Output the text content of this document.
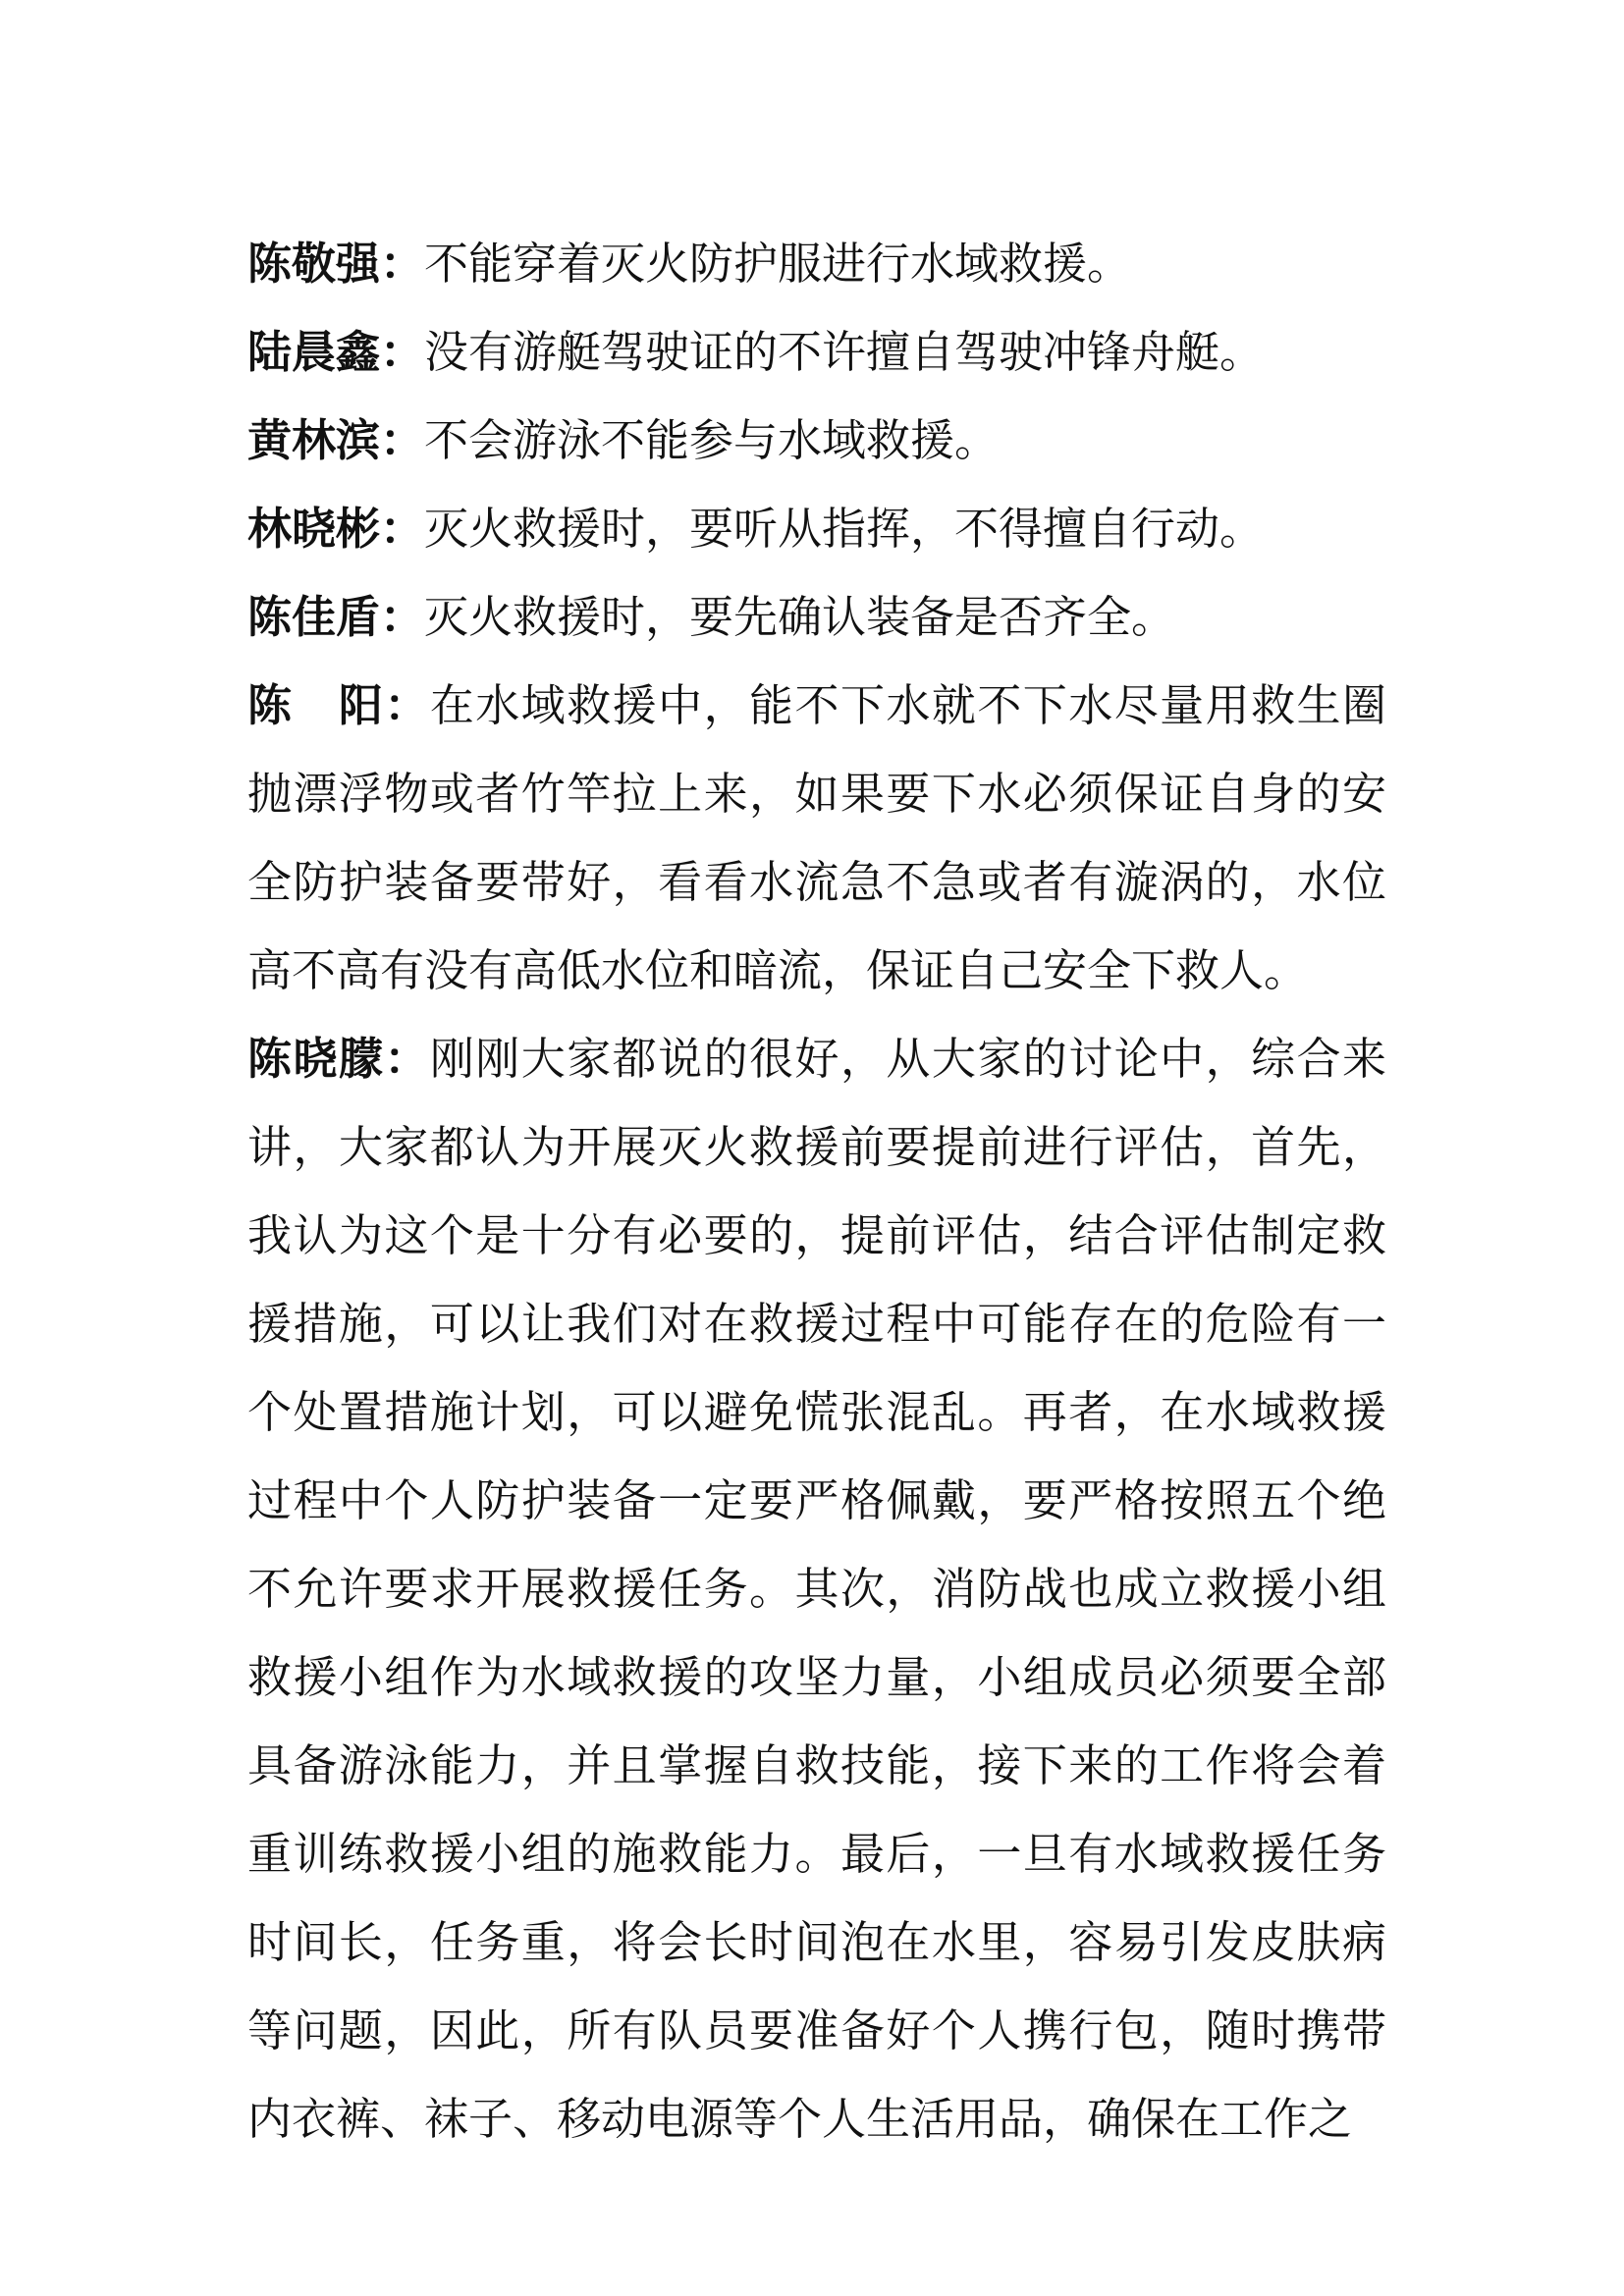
陈敬强：不能穿着灭火防护服进行水域救援。

陆晨鑫：没有游艇驾驶证的不许擅自驾驶冲锋舟艇。

黄林滨：不会游泳不能参与水域救援。

林晓彬：灭火救援时，要听从指挥，不得擅自行动。

陈佳盾：灭火救援时，要先确认装备是否齐全。

陈　阳：在水域救援中，能不下水就不下水尽量用救生圈抛漂浮物或者竹竿拉上来，如果要下水必须保证自身的安全防护装备要带好，看看水流急不急或者有漩涡的，水位高不高有没有高低水位和暗流，保证自己安全下救人。

陈晓朦：刚刚大家都说的很好，从大家的讨论中，综合来讲，大家都认为开展灭火救援前要提前进行评估，首先，我认为这个是十分有必要的，提前评估，结合评估制定救援措施，可以让我们对在救援过程中可能存在的危险有一个处置措施计划，可以避免慌张混乱。再者，在水域救援过程中个人防护装备一定要严格佩戴，要严格按照五个绝不允许要求开展救援任务。其次，消防战也成立救援小组救援小组作为水域救援的攻坚力量，小组成员必须要全部具备游泳能力，并且掌握自救技能，接下来的工作将会着重训练救援小组的施救能力。最后，一旦有水域救援任务时间长，任务重，将会长时间泡在水里，容易引发皮肤病等问题，因此，所有队员要准备好个人携行包，随时携带内衣裤、袜子、移动电源等个人生活用品，确保在工作之
